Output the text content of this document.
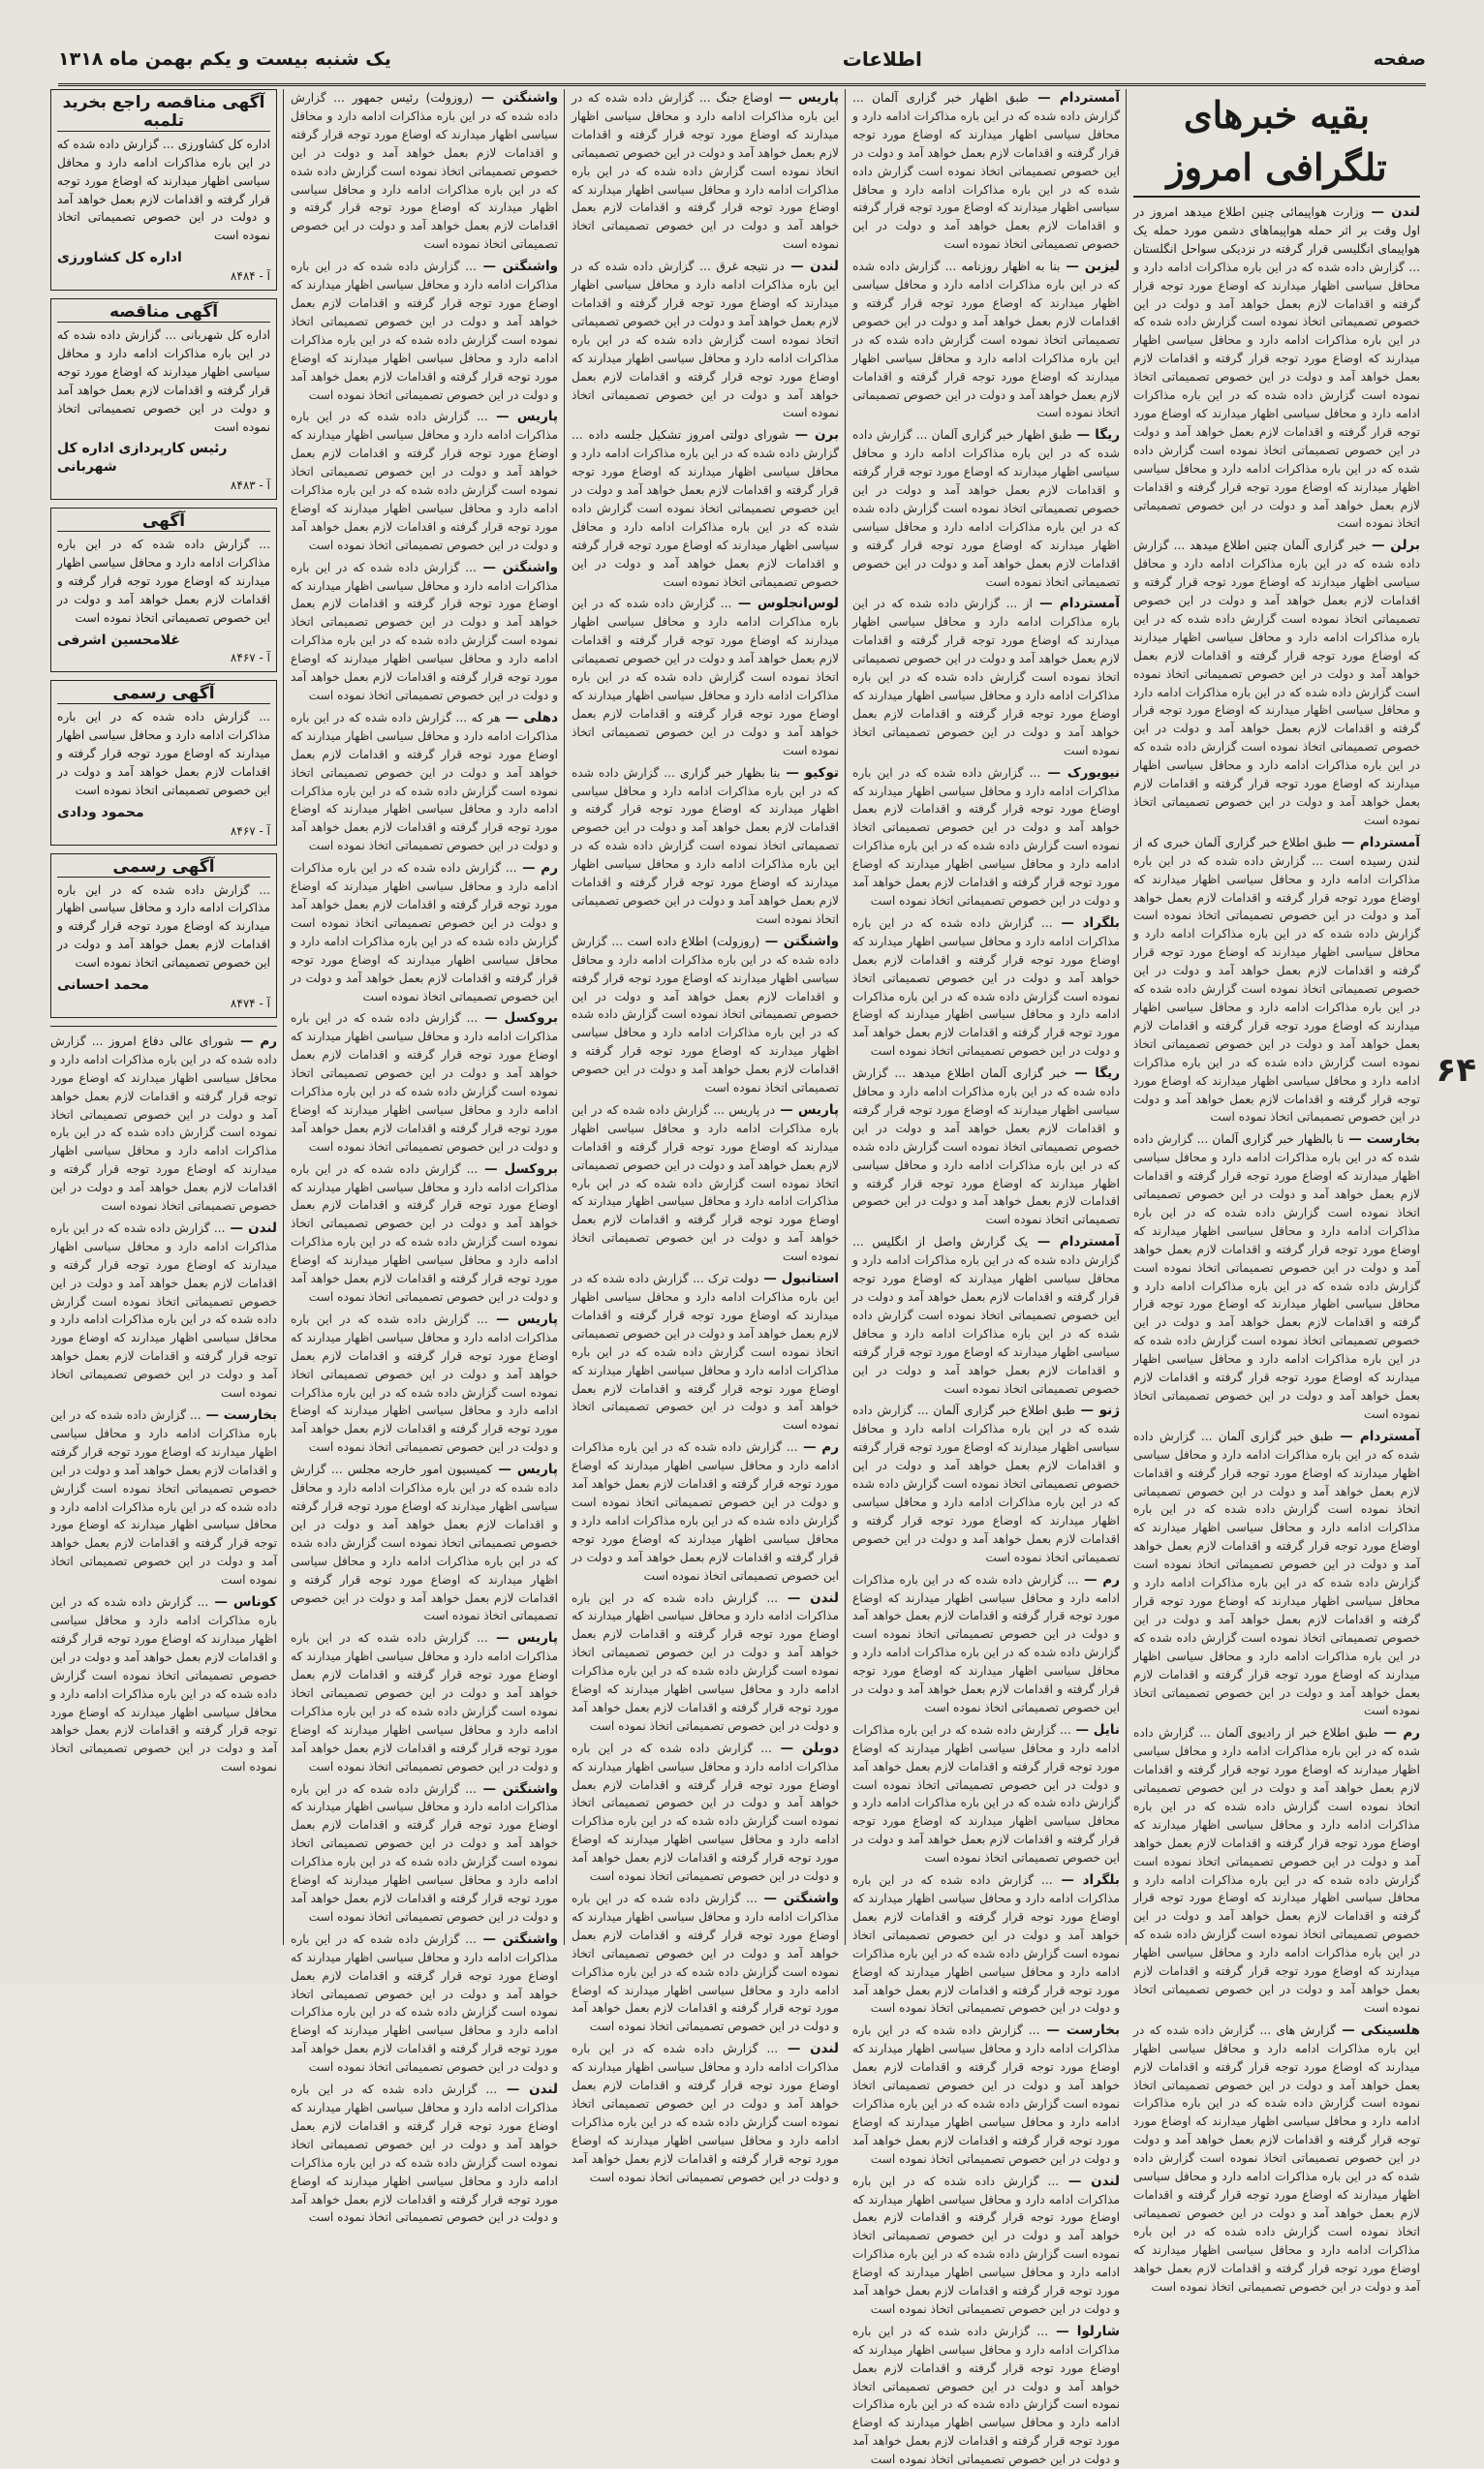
صفحه
اطلاعات
یک شنبه بیست و یکم بهمن ماه ۱۳۱۸
۶۴
بقیه خبرهای تلگرافی امروز

لندن — وزارت هواپیمائی چنین اطلاع میدهد امروز در اول وقت بر اثر حمله هواپیماهای دشمن مورد حمله یک هواپیمای انگلیسی قرار گرفته در نزدیکی سواحل انگلستان ... گزارش داده شده که در این باره مذاکرات ادامه دارد و محافل سیاسی اظهار میدارند که اوضاع مورد توجه قرار گرفته و اقدامات لازم بعمل خواهد آمد و دولت در این خصوص تصمیماتی اتخاذ نموده است گزارش داده شده که در این باره مذاکرات ادامه دارد و محافل سیاسی اظهار میدارند که اوضاع مورد توجه قرار گرفته و اقدامات لازم بعمل خواهد آمد و دولت در این خصوص تصمیماتی اتخاذ نموده است گزارش داده شده که در این باره مذاکرات ادامه دارد و محافل سیاسی اظهار میدارند که اوضاع مورد توجه قرار گرفته و اقدامات لازم بعمل خواهد آمد و دولت در این خصوص تصمیماتی اتخاذ نموده است گزارش داده شده که در این باره مذاکرات ادامه دارد و محافل سیاسی اظهار میدارند که اوضاع مورد توجه قرار گرفته و اقدامات لازم بعمل خواهد آمد و دولت در این خصوص تصمیماتی اتخاذ نموده است

برلن — خبر گزاری آلمان چنین اطلاع میدهد ... گزارش داده شده که در این باره مذاکرات ادامه دارد و محافل سیاسی اظهار میدارند که اوضاع مورد توجه قرار گرفته و اقدامات لازم بعمل خواهد آمد و دولت در این خصوص تصمیماتی اتخاذ نموده است گزارش داده شده که در این باره مذاکرات ادامه دارد و محافل سیاسی اظهار میدارند که اوضاع مورد توجه قرار گرفته و اقدامات لازم بعمل خواهد آمد و دولت در این خصوص تصمیماتی اتخاذ نموده است گزارش داده شده که در این باره مذاکرات ادامه دارد و محافل سیاسی اظهار میدارند که اوضاع مورد توجه قرار گرفته و اقدامات لازم بعمل خواهد آمد و دولت در این خصوص تصمیماتی اتخاذ نموده است گزارش داده شده که در این باره مذاکرات ادامه دارد و محافل سیاسی اظهار میدارند که اوضاع مورد توجه قرار گرفته و اقدامات لازم بعمل خواهد آمد و دولت در این خصوص تصمیماتی اتخاذ نموده است

آمستردام — طبق اطلاع خبر گزاری آلمان خبری که از لندن رسیده است ... گزارش داده شده که در این باره مذاکرات ادامه دارد و محافل سیاسی اظهار میدارند که اوضاع مورد توجه قرار گرفته و اقدامات لازم بعمل خواهد آمد و دولت در این خصوص تصمیماتی اتخاذ نموده است گزارش داده شده که در این باره مذاکرات ادامه دارد و محافل سیاسی اظهار میدارند که اوضاع مورد توجه قرار گرفته و اقدامات لازم بعمل خواهد آمد و دولت در این خصوص تصمیماتی اتخاذ نموده است گزارش داده شده که در این باره مذاکرات ادامه دارد و محافل سیاسی اظهار میدارند که اوضاع مورد توجه قرار گرفته و اقدامات لازم بعمل خواهد آمد و دولت در این خصوص تصمیماتی اتخاذ نموده است گزارش داده شده که در این باره مذاکرات ادامه دارد و محافل سیاسی اظهار میدارند که اوضاع مورد توجه قرار گرفته و اقدامات لازم بعمل خواهد آمد و دولت در این خصوص تصمیماتی اتخاذ نموده است

بخارست — نا بالظهار خبر گزاری آلمان ... گزارش داده شده که در این باره مذاکرات ادامه دارد و محافل سیاسی اظهار میدارند که اوضاع مورد توجه قرار گرفته و اقدامات لازم بعمل خواهد آمد و دولت در این خصوص تصمیماتی اتخاذ نموده است گزارش داده شده که در این باره مذاکرات ادامه دارد و محافل سیاسی اظهار میدارند که اوضاع مورد توجه قرار گرفته و اقدامات لازم بعمل خواهد آمد و دولت در این خصوص تصمیماتی اتخاذ نموده است گزارش داده شده که در این باره مذاکرات ادامه دارد و محافل سیاسی اظهار میدارند که اوضاع مورد توجه قرار گرفته و اقدامات لازم بعمل خواهد آمد و دولت در این خصوص تصمیماتی اتخاذ نموده است گزارش داده شده که در این باره مذاکرات ادامه دارد و محافل سیاسی اظهار میدارند که اوضاع مورد توجه قرار گرفته و اقدامات لازم بعمل خواهد آمد و دولت در این خصوص تصمیماتی اتخاذ نموده است

آمستردام — طبق خبر گزاری آلمان ... گزارش داده شده که در این باره مذاکرات ادامه دارد و محافل سیاسی اظهار میدارند که اوضاع مورد توجه قرار گرفته و اقدامات لازم بعمل خواهد آمد و دولت در این خصوص تصمیماتی اتخاذ نموده است گزارش داده شده که در این باره مذاکرات ادامه دارد و محافل سیاسی اظهار میدارند که اوضاع مورد توجه قرار گرفته و اقدامات لازم بعمل خواهد آمد و دولت در این خصوص تصمیماتی اتخاذ نموده است گزارش داده شده که در این باره مذاکرات ادامه دارد و محافل سیاسی اظهار میدارند که اوضاع مورد توجه قرار گرفته و اقدامات لازم بعمل خواهد آمد و دولت در این خصوص تصمیماتی اتخاذ نموده است گزارش داده شده که در این باره مذاکرات ادامه دارد و محافل سیاسی اظهار میدارند که اوضاع مورد توجه قرار گرفته و اقدامات لازم بعمل خواهد آمد و دولت در این خصوص تصمیماتی اتخاذ نموده است

رم — طبق اطلاع خبر از رادیوی آلمان ... گزارش داده شده که در این باره مذاکرات ادامه دارد و محافل سیاسی اظهار میدارند که اوضاع مورد توجه قرار گرفته و اقدامات لازم بعمل خواهد آمد و دولت در این خصوص تصمیماتی اتخاذ نموده است گزارش داده شده که در این باره مذاکرات ادامه دارد و محافل سیاسی اظهار میدارند که اوضاع مورد توجه قرار گرفته و اقدامات لازم بعمل خواهد آمد و دولت در این خصوص تصمیماتی اتخاذ نموده است گزارش داده شده که در این باره مذاکرات ادامه دارد و محافل سیاسی اظهار میدارند که اوضاع مورد توجه قرار گرفته و اقدامات لازم بعمل خواهد آمد و دولت در این خصوص تصمیماتی اتخاذ نموده است گزارش داده شده که در این باره مذاکرات ادامه دارد و محافل سیاسی اظهار میدارند که اوضاع مورد توجه قرار گرفته و اقدامات لازم بعمل خواهد آمد و دولت در این خصوص تصمیماتی اتخاذ نموده است

هلسینکی — گزارش های ... گزارش داده شده که در این باره مذاکرات ادامه دارد و محافل سیاسی اظهار میدارند که اوضاع مورد توجه قرار گرفته و اقدامات لازم بعمل خواهد آمد و دولت در این خصوص تصمیماتی اتخاذ نموده است گزارش داده شده که در این باره مذاکرات ادامه دارد و محافل سیاسی اظهار میدارند که اوضاع مورد توجه قرار گرفته و اقدامات لازم بعمل خواهد آمد و دولت در این خصوص تصمیماتی اتخاذ نموده است گزارش داده شده که در این باره مذاکرات ادامه دارد و محافل سیاسی اظهار میدارند که اوضاع مورد توجه قرار گرفته و اقدامات لازم بعمل خواهد آمد و دولت در این خصوص تصمیماتی اتخاذ نموده است گزارش داده شده که در این باره مذاکرات ادامه دارد و محافل سیاسی اظهار میدارند که اوضاع مورد توجه قرار گرفته و اقدامات لازم بعمل خواهد آمد و دولت در این خصوص تصمیماتی اتخاذ نموده است

آمستردام — طبق اظهار خبر گزاری آلمان ... گزارش داده شده که در این باره مذاکرات ادامه دارد و محافل سیاسی اظهار میدارند که اوضاع مورد توجه قرار گرفته و اقدامات لازم بعمل خواهد آمد و دولت در این خصوص تصمیماتی اتخاذ نموده است گزارش داده شده که در این باره مذاکرات ادامه دارد و محافل سیاسی اظهار میدارند که اوضاع مورد توجه قرار گرفته و اقدامات لازم بعمل خواهد آمد و دولت در این خصوص تصمیماتی اتخاذ نموده است

لیزبن — بنا به اظهار روزنامه ... گزارش داده شده که در این باره مذاکرات ادامه دارد و محافل سیاسی اظهار میدارند که اوضاع مورد توجه قرار گرفته و اقدامات لازم بعمل خواهد آمد و دولت در این خصوص تصمیماتی اتخاذ نموده است گزارش داده شده که در این باره مذاکرات ادامه دارد و محافل سیاسی اظهار میدارند که اوضاع مورد توجه قرار گرفته و اقدامات لازم بعمل خواهد آمد و دولت در این خصوص تصمیماتی اتخاذ نموده است

ریگا — طبق اظهار خبر گزاری آلمان ... گزارش داده شده که در این باره مذاکرات ادامه دارد و محافل سیاسی اظهار میدارند که اوضاع مورد توجه قرار گرفته و اقدامات لازم بعمل خواهد آمد و دولت در این خصوص تصمیماتی اتخاذ نموده است گزارش داده شده که در این باره مذاکرات ادامه دارد و محافل سیاسی اظهار میدارند که اوضاع مورد توجه قرار گرفته و اقدامات لازم بعمل خواهد آمد و دولت در این خصوص تصمیماتی اتخاذ نموده است

آمستردام — از ... گزارش داده شده که در این باره مذاکرات ادامه دارد و محافل سیاسی اظهار میدارند که اوضاع مورد توجه قرار گرفته و اقدامات لازم بعمل خواهد آمد و دولت در این خصوص تصمیماتی اتخاذ نموده است گزارش داده شده که در این باره مذاکرات ادامه دارد و محافل سیاسی اظهار میدارند که اوضاع مورد توجه قرار گرفته و اقدامات لازم بعمل خواهد آمد و دولت در این خصوص تصمیماتی اتخاذ نموده است

نیویورک — ... گزارش داده شده که در این باره مذاکرات ادامه دارد و محافل سیاسی اظهار میدارند که اوضاع مورد توجه قرار گرفته و اقدامات لازم بعمل خواهد آمد و دولت در این خصوص تصمیماتی اتخاذ نموده است گزارش داده شده که در این باره مذاکرات ادامه دارد و محافل سیاسی اظهار میدارند که اوضاع مورد توجه قرار گرفته و اقدامات لازم بعمل خواهد آمد و دولت در این خصوص تصمیماتی اتخاذ نموده است

بلگراد — ... گزارش داده شده که در این باره مذاکرات ادامه دارد و محافل سیاسی اظهار میدارند که اوضاع مورد توجه قرار گرفته و اقدامات لازم بعمل خواهد آمد و دولت در این خصوص تصمیماتی اتخاذ نموده است گزارش داده شده که در این باره مذاکرات ادامه دارد و محافل سیاسی اظهار میدارند که اوضاع مورد توجه قرار گرفته و اقدامات لازم بعمل خواهد آمد و دولت در این خصوص تصمیماتی اتخاذ نموده است

ریگا — خبر گزاری آلمان اطلاع میدهد ... گزارش داده شده که در این باره مذاکرات ادامه دارد و محافل سیاسی اظهار میدارند که اوضاع مورد توجه قرار گرفته و اقدامات لازم بعمل خواهد آمد و دولت در این خصوص تصمیماتی اتخاذ نموده است گزارش داده شده که در این باره مذاکرات ادامه دارد و محافل سیاسی اظهار میدارند که اوضاع مورد توجه قرار گرفته و اقدامات لازم بعمل خواهد آمد و دولت در این خصوص تصمیماتی اتخاذ نموده است

آمستردام — یک گزارش واصل از انگلیس ... گزارش داده شده که در این باره مذاکرات ادامه دارد و محافل سیاسی اظهار میدارند که اوضاع مورد توجه قرار گرفته و اقدامات لازم بعمل خواهد آمد و دولت در این خصوص تصمیماتی اتخاذ نموده است گزارش داده شده که در این باره مذاکرات ادامه دارد و محافل سیاسی اظهار میدارند که اوضاع مورد توجه قرار گرفته و اقدامات لازم بعمل خواهد آمد و دولت در این خصوص تصمیماتی اتخاذ نموده است

ژنو — طبق اطلاع خبر گزاری آلمان ... گزارش داده شده که در این باره مذاکرات ادامه دارد و محافل سیاسی اظهار میدارند که اوضاع مورد توجه قرار گرفته و اقدامات لازم بعمل خواهد آمد و دولت در این خصوص تصمیماتی اتخاذ نموده است گزارش داده شده که در این باره مذاکرات ادامه دارد و محافل سیاسی اظهار میدارند که اوضاع مورد توجه قرار گرفته و اقدامات لازم بعمل خواهد آمد و دولت در این خصوص تصمیماتی اتخاذ نموده است

رم — ... گزارش داده شده که در این باره مذاکرات ادامه دارد و محافل سیاسی اظهار میدارند که اوضاع مورد توجه قرار گرفته و اقدامات لازم بعمل خواهد آمد و دولت در این خصوص تصمیماتی اتخاذ نموده است گزارش داده شده که در این باره مذاکرات ادامه دارد و محافل سیاسی اظهار میدارند که اوضاع مورد توجه قرار گرفته و اقدامات لازم بعمل خواهد آمد و دولت در این خصوص تصمیماتی اتخاذ نموده است

نایل — ... گزارش داده شده که در این باره مذاکرات ادامه دارد و محافل سیاسی اظهار میدارند که اوضاع مورد توجه قرار گرفته و اقدامات لازم بعمل خواهد آمد و دولت در این خصوص تصمیماتی اتخاذ نموده است گزارش داده شده که در این باره مذاکرات ادامه دارد و محافل سیاسی اظهار میدارند که اوضاع مورد توجه قرار گرفته و اقدامات لازم بعمل خواهد آمد و دولت در این خصوص تصمیماتی اتخاذ نموده است

بلگراد — ... گزارش داده شده که در این باره مذاکرات ادامه دارد و محافل سیاسی اظهار میدارند که اوضاع مورد توجه قرار گرفته و اقدامات لازم بعمل خواهد آمد و دولت در این خصوص تصمیماتی اتخاذ نموده است گزارش داده شده که در این باره مذاکرات ادامه دارد و محافل سیاسی اظهار میدارند که اوضاع مورد توجه قرار گرفته و اقدامات لازم بعمل خواهد آمد و دولت در این خصوص تصمیماتی اتخاذ نموده است

بخارست — ... گزارش داده شده که در این باره مذاکرات ادامه دارد و محافل سیاسی اظهار میدارند که اوضاع مورد توجه قرار گرفته و اقدامات لازم بعمل خواهد آمد و دولت در این خصوص تصمیماتی اتخاذ نموده است گزارش داده شده که در این باره مذاکرات ادامه دارد و محافل سیاسی اظهار میدارند که اوضاع مورد توجه قرار گرفته و اقدامات لازم بعمل خواهد آمد و دولت در این خصوص تصمیماتی اتخاذ نموده است

لندن — ... گزارش داده شده که در این باره مذاکرات ادامه دارد و محافل سیاسی اظهار میدارند که اوضاع مورد توجه قرار گرفته و اقدامات لازم بعمل خواهد آمد و دولت در این خصوص تصمیماتی اتخاذ نموده است گزارش داده شده که در این باره مذاکرات ادامه دارد و محافل سیاسی اظهار میدارند که اوضاع مورد توجه قرار گرفته و اقدامات لازم بعمل خواهد آمد و دولت در این خصوص تصمیماتی اتخاذ نموده است

شارلوا — ... گزارش داده شده که در این باره مذاکرات ادامه دارد و محافل سیاسی اظهار میدارند که اوضاع مورد توجه قرار گرفته و اقدامات لازم بعمل خواهد آمد و دولت در این خصوص تصمیماتی اتخاذ نموده است گزارش داده شده که در این باره مذاکرات ادامه دارد و محافل سیاسی اظهار میدارند که اوضاع مورد توجه قرار گرفته و اقدامات لازم بعمل خواهد آمد و دولت در این خصوص تصمیماتی اتخاذ نموده است

پاریس — اوضاع جنگ ... گزارش داده شده که در این باره مذاکرات ادامه دارد و محافل سیاسی اظهار میدارند که اوضاع مورد توجه قرار گرفته و اقدامات لازم بعمل خواهد آمد و دولت در این خصوص تصمیماتی اتخاذ نموده است گزارش داده شده که در این باره مذاکرات ادامه دارد و محافل سیاسی اظهار میدارند که اوضاع مورد توجه قرار گرفته و اقدامات لازم بعمل خواهد آمد و دولت در این خصوص تصمیماتی اتخاذ نموده است

لندن — در نتیجه غرق ... گزارش داده شده که در این باره مذاکرات ادامه دارد و محافل سیاسی اظهار میدارند که اوضاع مورد توجه قرار گرفته و اقدامات لازم بعمل خواهد آمد و دولت در این خصوص تصمیماتی اتخاذ نموده است گزارش داده شده که در این باره مذاکرات ادامه دارد و محافل سیاسی اظهار میدارند که اوضاع مورد توجه قرار گرفته و اقدامات لازم بعمل خواهد آمد و دولت در این خصوص تصمیماتی اتخاذ نموده است

برن — شورای دولتی امروز تشکیل جلسه داده ... گزارش داده شده که در این باره مذاکرات ادامه دارد و محافل سیاسی اظهار میدارند که اوضاع مورد توجه قرار گرفته و اقدامات لازم بعمل خواهد آمد و دولت در این خصوص تصمیماتی اتخاذ نموده است گزارش داده شده که در این باره مذاکرات ادامه دارد و محافل سیاسی اظهار میدارند که اوضاع مورد توجه قرار گرفته و اقدامات لازم بعمل خواهد آمد و دولت در این خصوص تصمیماتی اتخاذ نموده است

لوس‌انجلوس — ... گزارش داده شده که در این باره مذاکرات ادامه دارد و محافل سیاسی اظهار میدارند که اوضاع مورد توجه قرار گرفته و اقدامات لازم بعمل خواهد آمد و دولت در این خصوص تصمیماتی اتخاذ نموده است گزارش داده شده که در این باره مذاکرات ادامه دارد و محافل سیاسی اظهار میدارند که اوضاع مورد توجه قرار گرفته و اقدامات لازم بعمل خواهد آمد و دولت در این خصوص تصمیماتی اتخاذ نموده است

توکیو — بنا بظهار خبر گزاری ... گزارش داده شده که در این باره مذاکرات ادامه دارد و محافل سیاسی اظهار میدارند که اوضاع مورد توجه قرار گرفته و اقدامات لازم بعمل خواهد آمد و دولت در این خصوص تصمیماتی اتخاذ نموده است گزارش داده شده که در این باره مذاکرات ادامه دارد و محافل سیاسی اظهار میدارند که اوضاع مورد توجه قرار گرفته و اقدامات لازم بعمل خواهد آمد و دولت در این خصوص تصمیماتی اتخاذ نموده است

واشنگتن — (روزولت) اطلاع داده است ... گزارش داده شده که در این باره مذاکرات ادامه دارد و محافل سیاسی اظهار میدارند که اوضاع مورد توجه قرار گرفته و اقدامات لازم بعمل خواهد آمد و دولت در این خصوص تصمیماتی اتخاذ نموده است گزارش داده شده که در این باره مذاکرات ادامه دارد و محافل سیاسی اظهار میدارند که اوضاع مورد توجه قرار گرفته و اقدامات لازم بعمل خواهد آمد و دولت در این خصوص تصمیماتی اتخاذ نموده است

پاریس — در پاریس ... گزارش داده شده که در این باره مذاکرات ادامه دارد و محافل سیاسی اظهار میدارند که اوضاع مورد توجه قرار گرفته و اقدامات لازم بعمل خواهد آمد و دولت در این خصوص تصمیماتی اتخاذ نموده است گزارش داده شده که در این باره مذاکرات ادامه دارد و محافل سیاسی اظهار میدارند که اوضاع مورد توجه قرار گرفته و اقدامات لازم بعمل خواهد آمد و دولت در این خصوص تصمیماتی اتخاذ نموده است

استانبول — دولت ترک ... گزارش داده شده که در این باره مذاکرات ادامه دارد و محافل سیاسی اظهار میدارند که اوضاع مورد توجه قرار گرفته و اقدامات لازم بعمل خواهد آمد و دولت در این خصوص تصمیماتی اتخاذ نموده است گزارش داده شده که در این باره مذاکرات ادامه دارد و محافل سیاسی اظهار میدارند که اوضاع مورد توجه قرار گرفته و اقدامات لازم بعمل خواهد آمد و دولت در این خصوص تصمیماتی اتخاذ نموده است

رم — ... گزارش داده شده که در این باره مذاکرات ادامه دارد و محافل سیاسی اظهار میدارند که اوضاع مورد توجه قرار گرفته و اقدامات لازم بعمل خواهد آمد و دولت در این خصوص تصمیماتی اتخاذ نموده است گزارش داده شده که در این باره مذاکرات ادامه دارد و محافل سیاسی اظهار میدارند که اوضاع مورد توجه قرار گرفته و اقدامات لازم بعمل خواهد آمد و دولت در این خصوص تصمیماتی اتخاذ نموده است

لندن — ... گزارش داده شده که در این باره مذاکرات ادامه دارد و محافل سیاسی اظهار میدارند که اوضاع مورد توجه قرار گرفته و اقدامات لازم بعمل خواهد آمد و دولت در این خصوص تصمیماتی اتخاذ نموده است گزارش داده شده که در این باره مذاکرات ادامه دارد و محافل سیاسی اظهار میدارند که اوضاع مورد توجه قرار گرفته و اقدامات لازم بعمل خواهد آمد و دولت در این خصوص تصمیماتی اتخاذ نموده است

دوبلن — ... گزارش داده شده که در این باره مذاکرات ادامه دارد و محافل سیاسی اظهار میدارند که اوضاع مورد توجه قرار گرفته و اقدامات لازم بعمل خواهد آمد و دولت در این خصوص تصمیماتی اتخاذ نموده است گزارش داده شده که در این باره مذاکرات ادامه دارد و محافل سیاسی اظهار میدارند که اوضاع مورد توجه قرار گرفته و اقدامات لازم بعمل خواهد آمد و دولت در این خصوص تصمیماتی اتخاذ نموده است

واشنگتن — ... گزارش داده شده که در این باره مذاکرات ادامه دارد و محافل سیاسی اظهار میدارند که اوضاع مورد توجه قرار گرفته و اقدامات لازم بعمل خواهد آمد و دولت در این خصوص تصمیماتی اتخاذ نموده است گزارش داده شده که در این باره مذاکرات ادامه دارد و محافل سیاسی اظهار میدارند که اوضاع مورد توجه قرار گرفته و اقدامات لازم بعمل خواهد آمد و دولت در این خصوص تصمیماتی اتخاذ نموده است

لندن — ... گزارش داده شده که در این باره مذاکرات ادامه دارد و محافل سیاسی اظهار میدارند که اوضاع مورد توجه قرار گرفته و اقدامات لازم بعمل خواهد آمد و دولت در این خصوص تصمیماتی اتخاذ نموده است گزارش داده شده که در این باره مذاکرات ادامه دارد و محافل سیاسی اظهار میدارند که اوضاع مورد توجه قرار گرفته و اقدامات لازم بعمل خواهد آمد و دولت در این خصوص تصمیماتی اتخاذ نموده است

واشنگتن — (روزولت) رئیس جمهور ... گزارش داده شده که در این باره مذاکرات ادامه دارد و محافل سیاسی اظهار میدارند که اوضاع مورد توجه قرار گرفته و اقدامات لازم بعمل خواهد آمد و دولت در این خصوص تصمیماتی اتخاذ نموده است گزارش داده شده که در این باره مذاکرات ادامه دارد و محافل سیاسی اظهار میدارند که اوضاع مورد توجه قرار گرفته و اقدامات لازم بعمل خواهد آمد و دولت در این خصوص تصمیماتی اتخاذ نموده است

واشنگتن — ... گزارش داده شده که در این باره مذاکرات ادامه دارد و محافل سیاسی اظهار میدارند که اوضاع مورد توجه قرار گرفته و اقدامات لازم بعمل خواهد آمد و دولت در این خصوص تصمیماتی اتخاذ نموده است گزارش داده شده که در این باره مذاکرات ادامه دارد و محافل سیاسی اظهار میدارند که اوضاع مورد توجه قرار گرفته و اقدامات لازم بعمل خواهد آمد و دولت در این خصوص تصمیماتی اتخاذ نموده است

پاریس — ... گزارش داده شده که در این باره مذاکرات ادامه دارد و محافل سیاسی اظهار میدارند که اوضاع مورد توجه قرار گرفته و اقدامات لازم بعمل خواهد آمد و دولت در این خصوص تصمیماتی اتخاذ نموده است گزارش داده شده که در این باره مذاکرات ادامه دارد و محافل سیاسی اظهار میدارند که اوضاع مورد توجه قرار گرفته و اقدامات لازم بعمل خواهد آمد و دولت در این خصوص تصمیماتی اتخاذ نموده است

واشنگتن — ... گزارش داده شده که در این باره مذاکرات ادامه دارد و محافل سیاسی اظهار میدارند که اوضاع مورد توجه قرار گرفته و اقدامات لازم بعمل خواهد آمد و دولت در این خصوص تصمیماتی اتخاذ نموده است گزارش داده شده که در این باره مذاکرات ادامه دارد و محافل سیاسی اظهار میدارند که اوضاع مورد توجه قرار گرفته و اقدامات لازم بعمل خواهد آمد و دولت در این خصوص تصمیماتی اتخاذ نموده است

دهلی — هر که ... گزارش داده شده که در این باره مذاکرات ادامه دارد و محافل سیاسی اظهار میدارند که اوضاع مورد توجه قرار گرفته و اقدامات لازم بعمل خواهد آمد و دولت در این خصوص تصمیماتی اتخاذ نموده است گزارش داده شده که در این باره مذاکرات ادامه دارد و محافل سیاسی اظهار میدارند که اوضاع مورد توجه قرار گرفته و اقدامات لازم بعمل خواهد آمد و دولت در این خصوص تصمیماتی اتخاذ نموده است

رم — ... گزارش داده شده که در این باره مذاکرات ادامه دارد و محافل سیاسی اظهار میدارند که اوضاع مورد توجه قرار گرفته و اقدامات لازم بعمل خواهد آمد و دولت در این خصوص تصمیماتی اتخاذ نموده است گزارش داده شده که در این باره مذاکرات ادامه دارد و محافل سیاسی اظهار میدارند که اوضاع مورد توجه قرار گرفته و اقدامات لازم بعمل خواهد آمد و دولت در این خصوص تصمیماتی اتخاذ نموده است

بروکسل — ... گزارش داده شده که در این باره مذاکرات ادامه دارد و محافل سیاسی اظهار میدارند که اوضاع مورد توجه قرار گرفته و اقدامات لازم بعمل خواهد آمد و دولت در این خصوص تصمیماتی اتخاذ نموده است گزارش داده شده که در این باره مذاکرات ادامه دارد و محافل سیاسی اظهار میدارند که اوضاع مورد توجه قرار گرفته و اقدامات لازم بعمل خواهد آمد و دولت در این خصوص تصمیماتی اتخاذ نموده است

بروکسل — ... گزارش داده شده که در این باره مذاکرات ادامه دارد و محافل سیاسی اظهار میدارند که اوضاع مورد توجه قرار گرفته و اقدامات لازم بعمل خواهد آمد و دولت در این خصوص تصمیماتی اتخاذ نموده است گزارش داده شده که در این باره مذاکرات ادامه دارد و محافل سیاسی اظهار میدارند که اوضاع مورد توجه قرار گرفته و اقدامات لازم بعمل خواهد آمد و دولت در این خصوص تصمیماتی اتخاذ نموده است

پاریس — ... گزارش داده شده که در این باره مذاکرات ادامه دارد و محافل سیاسی اظهار میدارند که اوضاع مورد توجه قرار گرفته و اقدامات لازم بعمل خواهد آمد و دولت در این خصوص تصمیماتی اتخاذ نموده است گزارش داده شده که در این باره مذاکرات ادامه دارد و محافل سیاسی اظهار میدارند که اوضاع مورد توجه قرار گرفته و اقدامات لازم بعمل خواهد آمد و دولت در این خصوص تصمیماتی اتخاذ نموده است

پاریس — کمیسیون امور خارجه مجلس ... گزارش داده شده که در این باره مذاکرات ادامه دارد و محافل سیاسی اظهار میدارند که اوضاع مورد توجه قرار گرفته و اقدامات لازم بعمل خواهد آمد و دولت در این خصوص تصمیماتی اتخاذ نموده است گزارش داده شده که در این باره مذاکرات ادامه دارد و محافل سیاسی اظهار میدارند که اوضاع مورد توجه قرار گرفته و اقدامات لازم بعمل خواهد آمد و دولت در این خصوص تصمیماتی اتخاذ نموده است

پاریس — ... گزارش داده شده که در این باره مذاکرات ادامه دارد و محافل سیاسی اظهار میدارند که اوضاع مورد توجه قرار گرفته و اقدامات لازم بعمل خواهد آمد و دولت در این خصوص تصمیماتی اتخاذ نموده است گزارش داده شده که در این باره مذاکرات ادامه دارد و محافل سیاسی اظهار میدارند که اوضاع مورد توجه قرار گرفته و اقدامات لازم بعمل خواهد آمد و دولت در این خصوص تصمیماتی اتخاذ نموده است

واشنگتن — ... گزارش داده شده که در این باره مذاکرات ادامه دارد و محافل سیاسی اظهار میدارند که اوضاع مورد توجه قرار گرفته و اقدامات لازم بعمل خواهد آمد و دولت در این خصوص تصمیماتی اتخاذ نموده است گزارش داده شده که در این باره مذاکرات ادامه دارد و محافل سیاسی اظهار میدارند که اوضاع مورد توجه قرار گرفته و اقدامات لازم بعمل خواهد آمد و دولت در این خصوص تصمیماتی اتخاذ نموده است

واشنگتن — ... گزارش داده شده که در این باره مذاکرات ادامه دارد و محافل سیاسی اظهار میدارند که اوضاع مورد توجه قرار گرفته و اقدامات لازم بعمل خواهد آمد و دولت در این خصوص تصمیماتی اتخاذ نموده است گزارش داده شده که در این باره مذاکرات ادامه دارد و محافل سیاسی اظهار میدارند که اوضاع مورد توجه قرار گرفته و اقدامات لازم بعمل خواهد آمد و دولت در این خصوص تصمیماتی اتخاذ نموده است

لندن — ... گزارش داده شده که در این باره مذاکرات ادامه دارد و محافل سیاسی اظهار میدارند که اوضاع مورد توجه قرار گرفته و اقدامات لازم بعمل خواهد آمد و دولت در این خصوص تصمیماتی اتخاذ نموده است گزارش داده شده که در این باره مذاکرات ادامه دارد و محافل سیاسی اظهار میدارند که اوضاع مورد توجه قرار گرفته و اقدامات لازم بعمل خواهد آمد و دولت در این خصوص تصمیماتی اتخاذ نموده است

آگهی مناقصه راجع بخرید تلمبه
اداره کل کشاورزی ... گزارش داده شده که در این باره مذاکرات ادامه دارد و محافل سیاسی اظهار میدارند که اوضاع مورد توجه قرار گرفته و اقدامات لازم بعمل خواهد آمد و دولت در این خصوص تصمیماتی اتخاذ نموده است
اداره کل کشاورزی
آ - ۸۴۸۴
آگهی مناقصه
اداره کل شهربانی ... گزارش داده شده که در این باره مذاکرات ادامه دارد و محافل سیاسی اظهار میدارند که اوضاع مورد توجه قرار گرفته و اقدامات لازم بعمل خواهد آمد و دولت در این خصوص تصمیماتی اتخاذ نموده است
رئیس کارپردازی اداره کل شهربانی
آ - ۸۴۸۳
آگهی
... گزارش داده شده که در این باره مذاکرات ادامه دارد و محافل سیاسی اظهار میدارند که اوضاع مورد توجه قرار گرفته و اقدامات لازم بعمل خواهد آمد و دولت در این خصوص تصمیماتی اتخاذ نموده است
غلامحسین اشرفی
آ - ۸۴۶۷
آگهی رسمی
... گزارش داده شده که در این باره مذاکرات ادامه دارد و محافل سیاسی اظهار میدارند که اوضاع مورد توجه قرار گرفته و اقدامات لازم بعمل خواهد آمد و دولت در این خصوص تصمیماتی اتخاذ نموده است
محمود ودادی
آ - ۸۴۶۷
آگهی رسمی
... گزارش داده شده که در این باره مذاکرات ادامه دارد و محافل سیاسی اظهار میدارند که اوضاع مورد توجه قرار گرفته و اقدامات لازم بعمل خواهد آمد و دولت در این خصوص تصمیماتی اتخاذ نموده است
محمد احسانی
آ - ۸۴۷۴

رم — شورای عالی دفاع امروز ... گزارش داده شده که در این باره مذاکرات ادامه دارد و محافل سیاسی اظهار میدارند که اوضاع مورد توجه قرار گرفته و اقدامات لازم بعمل خواهد آمد و دولت در این خصوص تصمیماتی اتخاذ نموده است گزارش داده شده که در این باره مذاکرات ادامه دارد و محافل سیاسی اظهار میدارند که اوضاع مورد توجه قرار گرفته و اقدامات لازم بعمل خواهد آمد و دولت در این خصوص تصمیماتی اتخاذ نموده است

لندن — ... گزارش داده شده که در این باره مذاکرات ادامه دارد و محافل سیاسی اظهار میدارند که اوضاع مورد توجه قرار گرفته و اقدامات لازم بعمل خواهد آمد و دولت در این خصوص تصمیماتی اتخاذ نموده است گزارش داده شده که در این باره مذاکرات ادامه دارد و محافل سیاسی اظهار میدارند که اوضاع مورد توجه قرار گرفته و اقدامات لازم بعمل خواهد آمد و دولت در این خصوص تصمیماتی اتخاذ نموده است

بخارست — ... گزارش داده شده که در این باره مذاکرات ادامه دارد و محافل سیاسی اظهار میدارند که اوضاع مورد توجه قرار گرفته و اقدامات لازم بعمل خواهد آمد و دولت در این خصوص تصمیماتی اتخاذ نموده است گزارش داده شده که در این باره مذاکرات ادامه دارد و محافل سیاسی اظهار میدارند که اوضاع مورد توجه قرار گرفته و اقدامات لازم بعمل خواهد آمد و دولت در این خصوص تصمیماتی اتخاذ نموده است

کوناس — ... گزارش داده شده که در این باره مذاکرات ادامه دارد و محافل سیاسی اظهار میدارند که اوضاع مورد توجه قرار گرفته و اقدامات لازم بعمل خواهد آمد و دولت در این خصوص تصمیماتی اتخاذ نموده است گزارش داده شده که در این باره مذاکرات ادامه دارد و محافل سیاسی اظهار میدارند که اوضاع مورد توجه قرار گرفته و اقدامات لازم بعمل خواهد آمد و دولت در این خصوص تصمیماتی اتخاذ نموده است
